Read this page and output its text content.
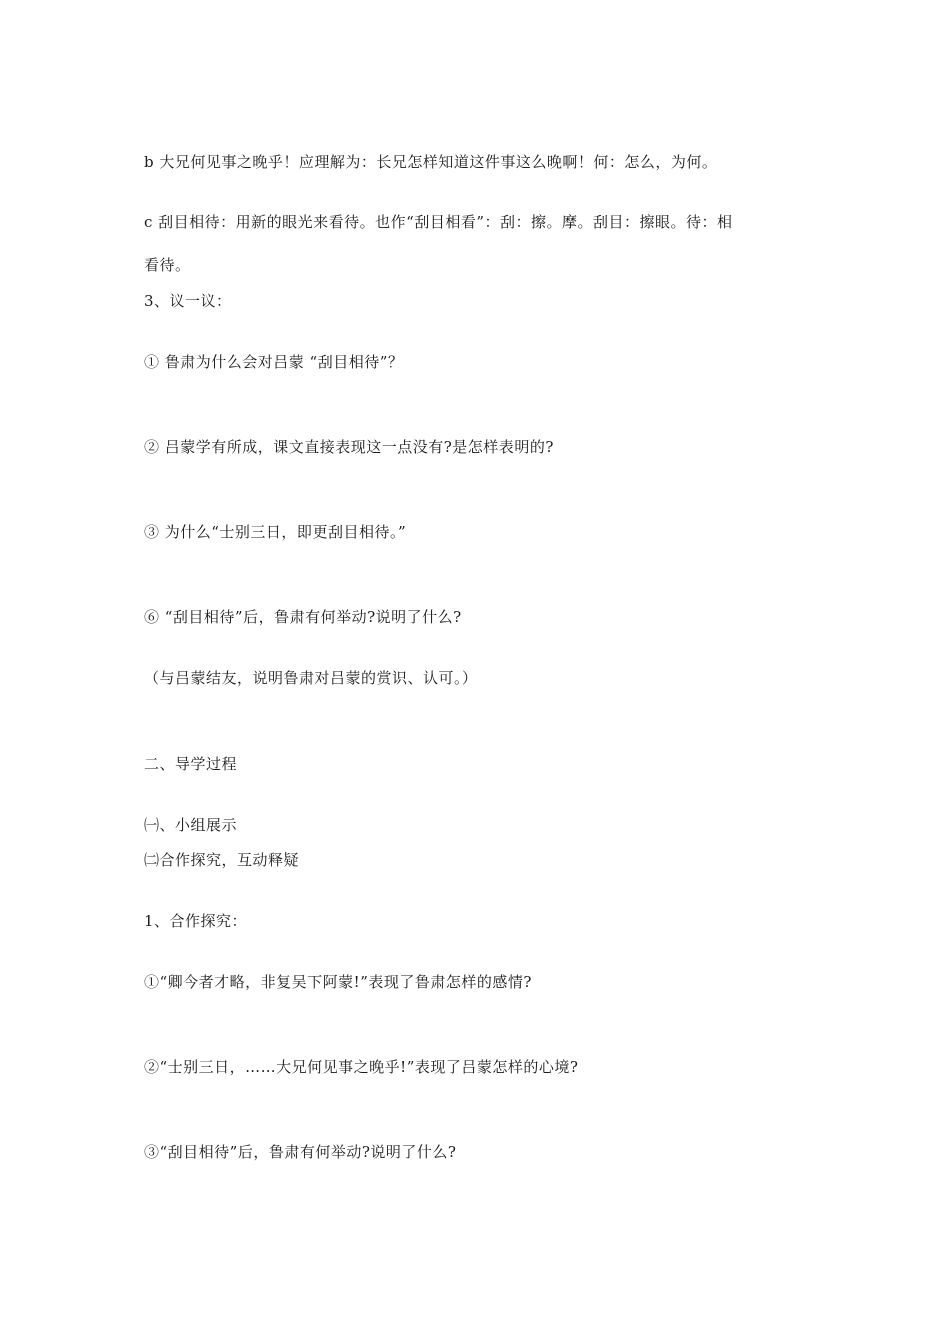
b 大兄何见事之晚乎！应理解为：长兄怎样知道这件事这么晚啊！何：怎么，为何。
c 刮目相待：用新的眼光来看待。也作“刮目相看”：刮：擦。摩。刮目：擦眼。待：相
看待。
3、议一议：
① 鲁肃为什么会对吕蒙 “刮目相待”？
② 吕蒙学有所成，课文直接表现这一点没有?是怎样表明的?
③ 为什么“士别三日，即更刮目相待。”
⑥ “刮目相待”后，鲁肃有何举动?说明了什么?
（与吕蒙结友，说明鲁肃对吕蒙的赏识、认可。）
二、导学过程
㈠、小组展示
㈡合作探究，互动释疑
1、合作探究：
①“卿今者才略，非复吴下阿蒙!”表现了鲁肃怎样的感情?
②“士别三日，……大兄何见事之晚乎!”表现了吕蒙怎样的心境?
③“刮目相待”后，鲁肃有何举动?说明了什么?
